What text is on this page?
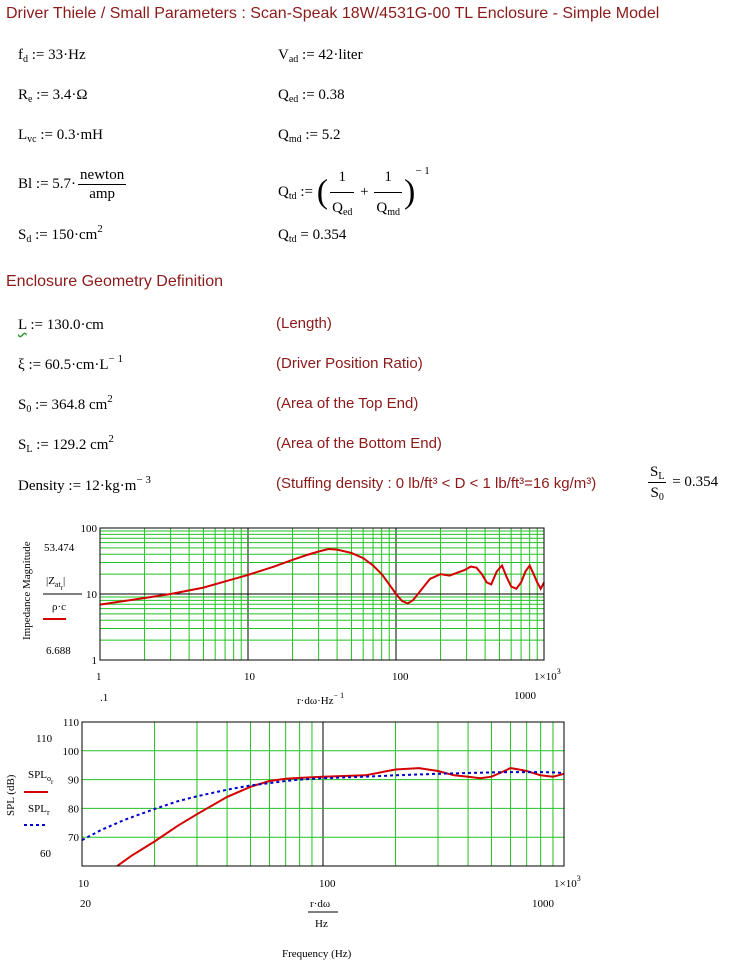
Driver Thiele / Small Parameters : Scan-Speak 18W/4531G-00 TL Enclosure - Simple Model
$f_d$ := 33·Hz
$R_e$ := 3.4·Ω
$L_{vc}$ := 0.3·mH
Bl := $5.7\cdot \frac{\text{newton}}{\text{amp}}$
$S_d$ := $150\cdot cm^2$
$V_{ad}$ := 42·liter
$Q_{ed}$ := 0.38
$Q_{md}$ := 5.2
$Q_{td}$ := ( $\frac{1}{Q_{ed}} + \frac{1}{Q_{md}} )^{- 1}$
$Q_{td} = 0.354$
Enclosure Geometry Definition
L := 130.0·cm	(Length)
ξ := $60.5\cdot cm\cdot L^{- 1}$	(Driver Position Ratio)
$S_0$ := 364.8 $cm^2$	(Area of the Top End)
$S_L$ := 129.2 $cm^2$	(Area of the Bottom End)
Density := $12\cdot kg\cdot m^{- 3}$	(Stuffing density : 0 lb/ft³ < D < 1 lb/ft³=16 kg/m³)	$\frac{S_L}{S_0} = 0.354$
1	10	100	$1\times 10^3$
1
10
100
Impedance Magnitude 53.474
6.688
$|Z_{atr}|$
ρ·c
.1	1000
$r\cdot d\omega\cdot Hz^{- 1}$
10	100	$1\times 10^3$
70
80
90
100
110
SPL (dB)
110
60
$SPL_{or}$
$SPL_r$
20	1000
r·dω
Hz
Frequency (Hz)
